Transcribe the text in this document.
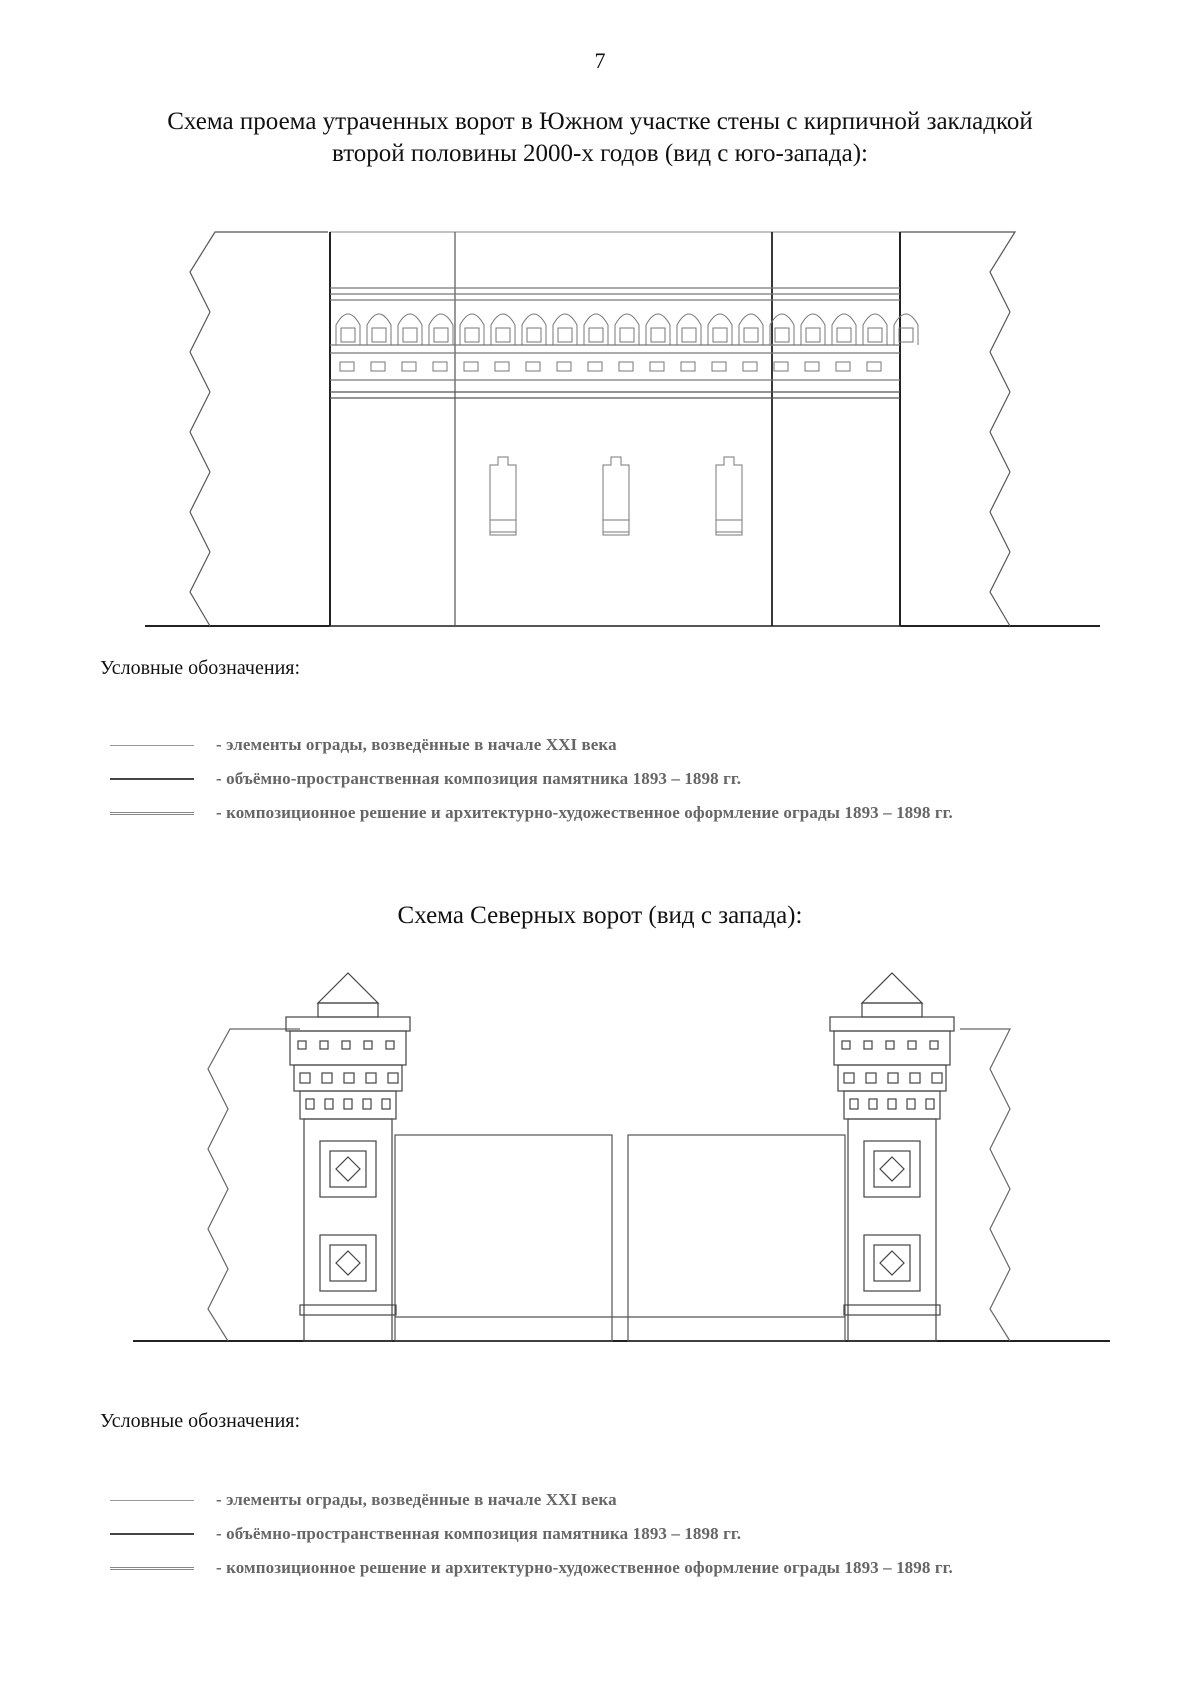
7
Схема проема утраченных ворот в Южном участке стены с кирпичной закладкой
второй половины 2000-х годов (вид с юго-запада):
Условные обозначения:
- элементы ограды, возведённые в начале XXI века
- объёмно-пространственная композиция памятника 1893 – 1898 гг.
- композиционное решение и архитектурно-художественное оформление ограды 1893 – 1898 гг.
Схема Северных ворот (вид с запада):
Условные обозначения:
- элементы ограды, возведённые в начале XXI века
- объёмно-пространственная композиция памятника 1893 – 1898 гг.
- композиционное решение и архитектурно-художественное оформление ограды 1893 – 1898 гг.
